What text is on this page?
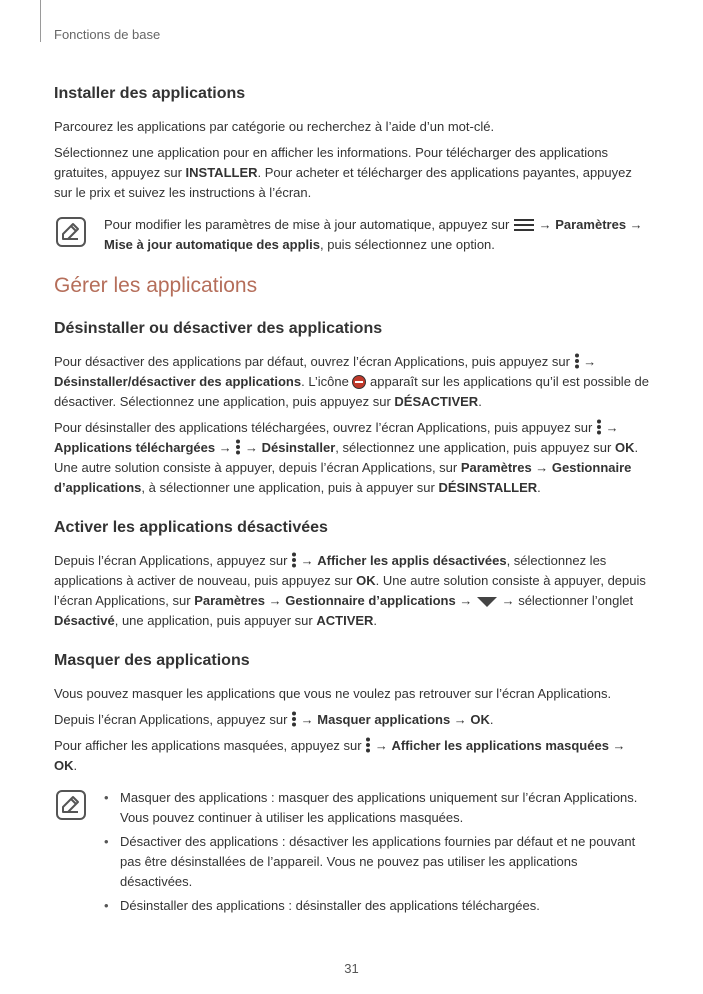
Fonctions de base
Installer des applications

Parcourez les applications par catégorie ou recherchez à l’aide d’un mot-clé.

Sélectionnez une application pour en afficher les informations. Pour télécharger des applications gratuites, appuyez sur INSTALLER. Pour acheter et télécharger des applications payantes, appuyez sur le prix et suivez les instructions à l’écran.

Pour modifier les paramètres de mise à jour automatique, appuyez sur  → Paramètres → Mise à jour automatique des applis, puis sélectionnez une option.

Gérer les applications
Désinstaller ou désactiver des applications

Pour désactiver des applications par défaut, ouvrez l’écran Applications, puis appuyez sur  → Désinstaller/désactiver des applications. L’icône  apparaît sur les applications qu’il est possible de désactiver. Sélectionnez une application, puis appuyez sur DÉSACTIVER.

Pour désinstaller des applications téléchargées, ouvrez l’écran Applications, puis appuyez sur  → Applications téléchargées →  → Désinstaller, sélectionnez une application, puis appuyez sur OK. Une autre solution consiste à appuyer, depuis l’écran Applications, sur Paramètres → Gestionnaire d’applications, à sélectionner une application, puis à appuyer sur DÉSINSTALLER.

Activer les applications désactivées

Depuis l’écran Applications, appuyez sur  → Afficher les applis désactivées, sélectionnez les applications à activer de nouveau, puis appuyez sur OK. Une autre solution consiste à appuyer, depuis l’écran Applications, sur Paramètres → Gestionnaire d’applications →  → sélectionner l’onglet Désactivé, une application, puis appuyer sur ACTIVER.

Masquer des applications

Vous pouvez masquer les applications que vous ne voulez pas retrouver sur l’écran Applications.

Depuis l’écran Applications, appuyez sur  → Masquer applications → OK.

Pour afficher les applications masquées, appuyez sur  → Afficher les applications masquées → OK.

• Masquer des applications : masquer des applications uniquement sur l’écran Applications. Vous pouvez continuer à utiliser les applications masquées.
• Désactiver des applications : désactiver les applications fournies par défaut et ne pouvant pas être désinstallées de l’appareil. Vous ne pouvez pas utiliser les applications désactivées.
• Désinstaller des applications : désinstaller des applications téléchargées.
31
